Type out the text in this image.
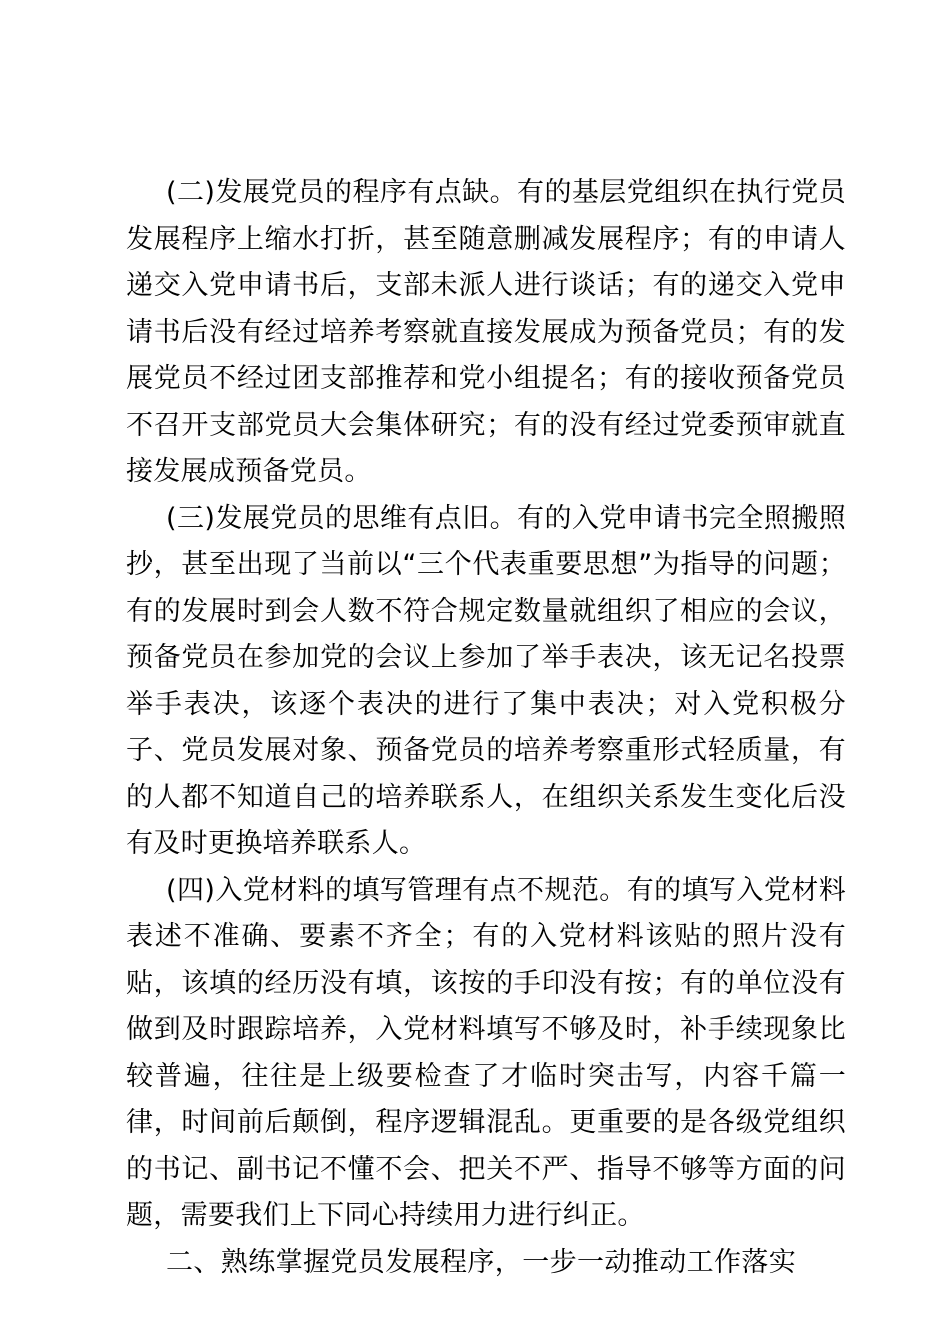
(二)发展党员的程序有点缺。有的基层党组织在执行党员发展程序上缩水打折，甚至随意删减发展程序；有的申请人递交入党申请书后，支部未派人进行谈话；有的递交入党申请书后没有经过培养考察就直接发展成为预备党员；有的发展党员不经过团支部推荐和党小组提名；有的接收预备党员不召开支部党员大会集体研究；有的没有经过党委预审就直接发展成预备党员。

(三)发展党员的思维有点旧。有的入党申请书完全照搬照抄，甚至出现了当前以“三个代表重要思想”为指导的问题；有的发展时到会人数不符合规定数量就组织了相应的会议，预备党员在参加党的会议上参加了举手表决，该无记名投票举手表决，该逐个表决的进行了集中表决；对入党积极分子、党员发展对象、预备党员的培养考察重形式轻质量，有的人都不知道自己的培养联系人，在组织关系发生变化后没有及时更换培养联系人。

(四)入党材料的填写管理有点不规范。有的填写入党材料表述不准确、要素不齐全；有的入党材料该贴的照片没有贴，该填的经历没有填，该按的手印没有按；有的单位没有做到及时跟踪培养，入党材料填写不够及时，补手续现象比较普遍，往往是上级要检查了才临时突击写，内容千篇一律，时间前后颠倒，程序逻辑混乱。更重要的是各级党组织的书记、副书记不懂不会、把关不严、指导不够等方面的问题，需要我们上下同心持续用力进行纠正。

二、熟练掌握党员发展程序，一步一动推动工作落实
